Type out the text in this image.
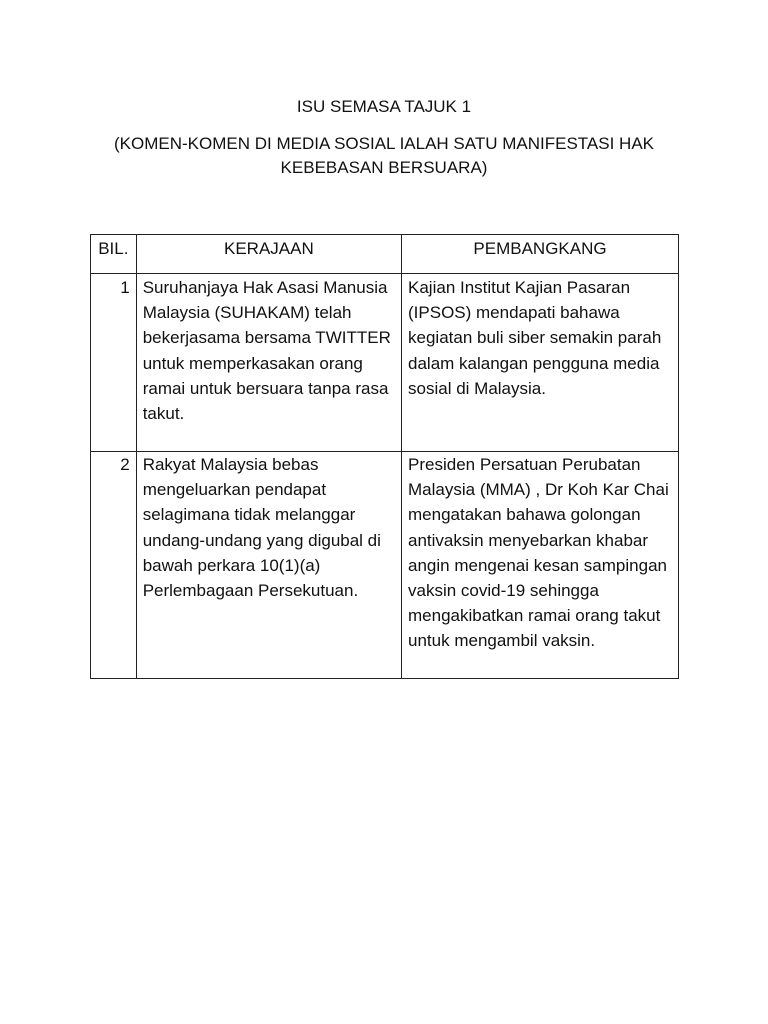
ISU SEMASA TAJUK 1
(KOMEN-KOMEN DI MEDIA SOSIAL IALAH SATU MANIFESTASI HAK KEBEBASAN BERSUARA)
BIL.	KERAJAAN	PEMBANGKANG
1	Suruhanjaya Hak Asasi Manusia Malaysia (SUHAKAM) telah bekerjasama bersama TWITTER untuk memperkasakan orang ramai untuk bersuara tanpa rasa takut.	Kajian Institut Kajian Pasaran (IPSOS) mendapati bahawa kegiatan buli siber semakin parah dalam kalangan pengguna media sosial di Malaysia.
2	Rakyat Malaysia bebas mengeluarkan pendapat selagimana tidak melanggar undang-undang yang digubal di bawah perkara 10(1)(a) Perlembagaan Persekutuan.	Presiden Persatuan Perubatan Malaysia (MMA) , Dr Koh Kar Chai mengatakan bahawa golongan antivaksin menyebarkan khabar angin mengenai kesan sampingan vaksin covid-19 sehingga mengakibatkan ramai orang takut untuk mengambil vaksin.
